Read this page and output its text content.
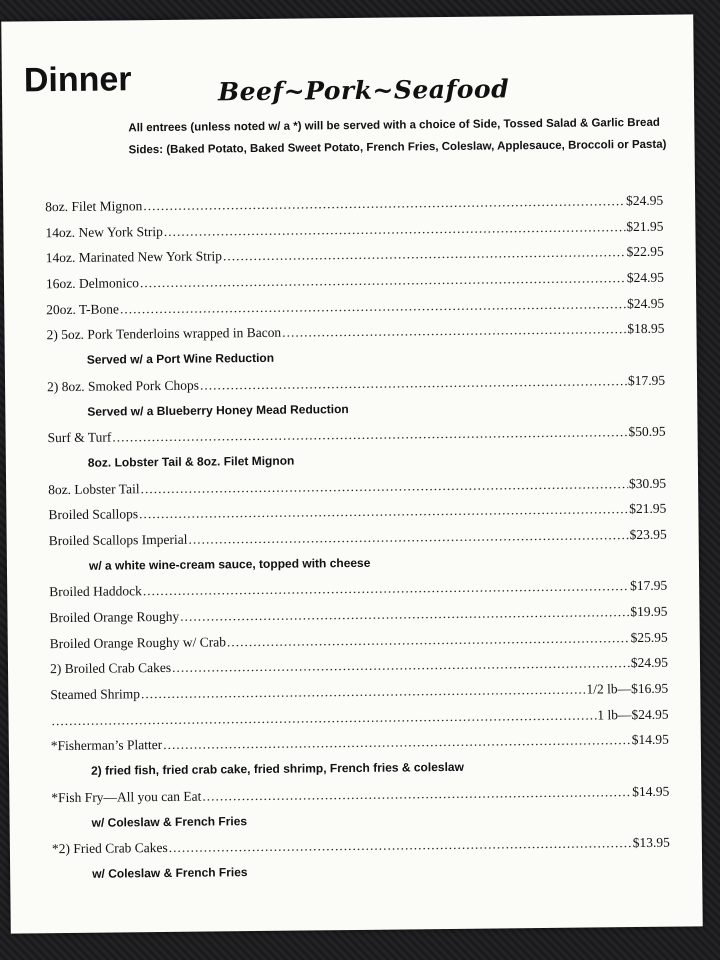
Dinner	Beef~Pork~Seafood
All entrees (unless noted w/ a *) will be served with a choice of Side, Tossed Salad & Garlic Bread
Sides: (Baked Potato, Baked Sweet Potato, French Fries, Coleslaw, Applesauce, Broccoli or Pasta)
8oz. Filet Mignon .....	$24.95
14oz. New York Strip .....	$21.95
14oz. Marinated New York Strip .....	$22.95
16oz. Delmonico .....	$24.95
20oz. T-Bone .....	$24.95
2) 5oz. Pork Tenderloins wrapped in Bacon .....	$18.95
Served w/ a Port Wine Reduction
2) 8oz. Smoked Pork Chops .....	$17.95
Served w/ a Blueberry Honey Mead Reduction
Surf & Turf .....	$50.95
8oz. Lobster Tail & 8oz. Filet Mignon
8oz. Lobster Tail .....	$30.95
Broiled Scallops .....	$21.95
Broiled Scallops Imperial .....	$23.95
w/ a white wine-cream sauce, topped with cheese
Broiled Haddock .....	$17.95
Broiled Orange Roughy .....	$19.95
Broiled Orange Roughy w/ Crab .....	$25.95
2) Broiled Crab Cakes .....	$24.95
Steamed Shrimp .....	1/2 lb—$16.95
.....
1 lb—$24.95
*Fisherman’s Platter .....	$14.95
2) fried fish, fried crab cake, fried shrimp, French fries & coleslaw
*Fish Fry—All you can Eat .....	$14.95
w/ Coleslaw & French Fries
*2) Fried Crab Cakes .....	$13.95
w/ Coleslaw & French Fries
